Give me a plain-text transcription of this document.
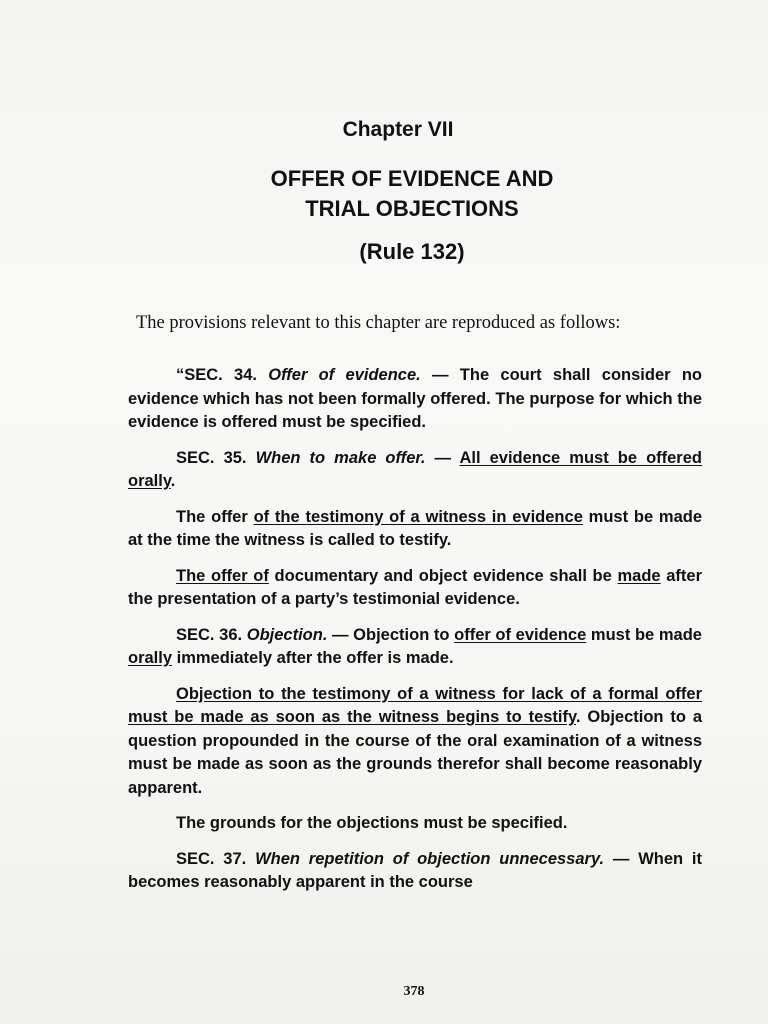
Chapter VII
OFFER OF EVIDENCE AND
TRIAL OBJECTIONS
(Rule 132)

The provisions relevant to this chapter are reproduced as follows:

“SEC. 34. Offer of evidence. — The court shall consider no evidence which has not been formally offered. The purpose for which the evidence is offered must be specified.

SEC. 35. When to make offer. — All evidence must be offered orally.

The offer of the testimony of a witness in evidence must be made at the time the witness is called to testify.

The offer of documentary and object evidence shall be made after the presentation of a party’s testimonial evidence.

SEC. 36. Objection. — Objection to offer of evidence must be made orally immediately after the offer is made.

Objection to the testimony of a witness for lack of a formal offer must be made as soon as the witness begins to testify. Objection to a question propounded in the course of the oral examination of a witness must be made as soon as the grounds therefor shall become reasonably apparent.

The grounds for the objections must be specified.

SEC. 37. When repetition of objection unnecessary. — When it becomes reasonably apparent in the course

378
